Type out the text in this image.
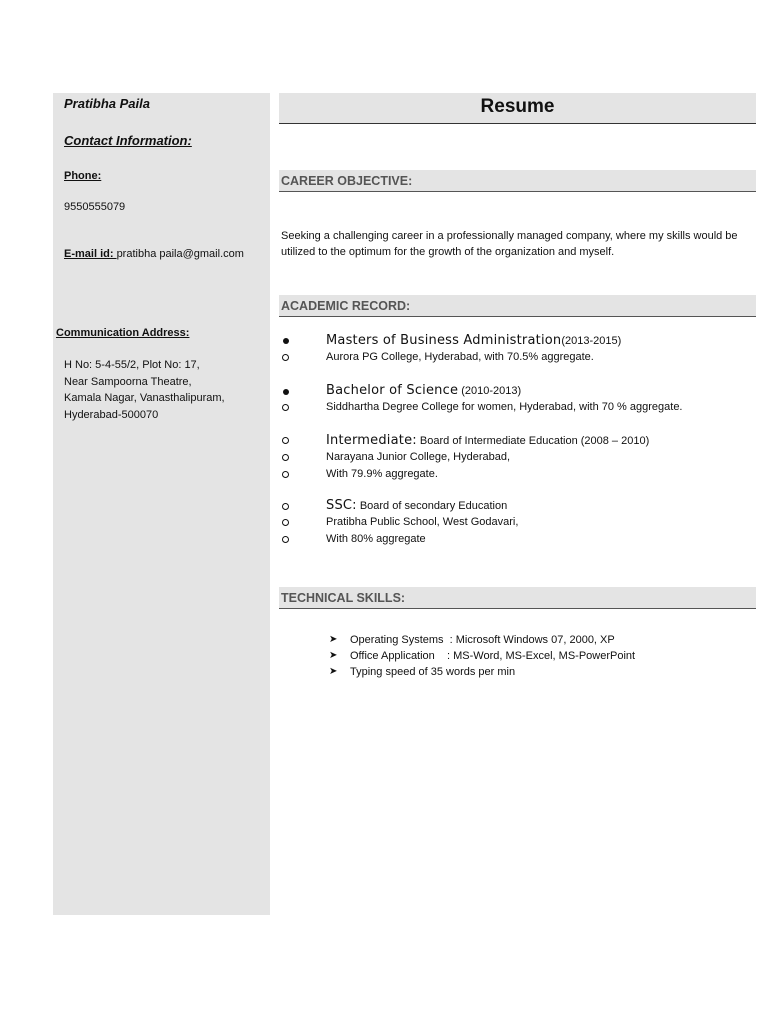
Pratibha Paila
Contact Information:
Phone:
9550555079
E-mail id: pratibha paila@gmail.com
Communication Address:
H No: 5-4-55/2, Plot No: 17,
Near Sampoorna Theatre,
Kamala Nagar, Vanasthalipuram,
Hyderabad-500070
Resume
CAREER OBJECTIVE:
Seeking a challenging career in a professionally managed company, where my skills would be utilized to the optimum for the growth of the organization and myself.
ACADEMIC RECORD:
Masters of Business Administration(2013-2015)
Aurora PG College, Hyderabad, with 70.5% aggregate.
Bachelor of Science (2010-2013)
Siddhartha Degree College for women, Hyderabad, with 70 % aggregate.
Intermediate: Board of Intermediate Education (2008 – 2010)
Narayana Junior College, Hyderabad,
With 79.9% aggregate.
SSC: Board of secondary Education
Pratibha Public School, West Godavari,
With 80% aggregate
TECHNICAL SKILLS:
➤ Operating Systems  : Microsoft Windows 07, 2000, XP
➤ Office Application    : MS-Word, MS-Excel, MS-PowerPoint
➤ Typing speed of 35 words per min
